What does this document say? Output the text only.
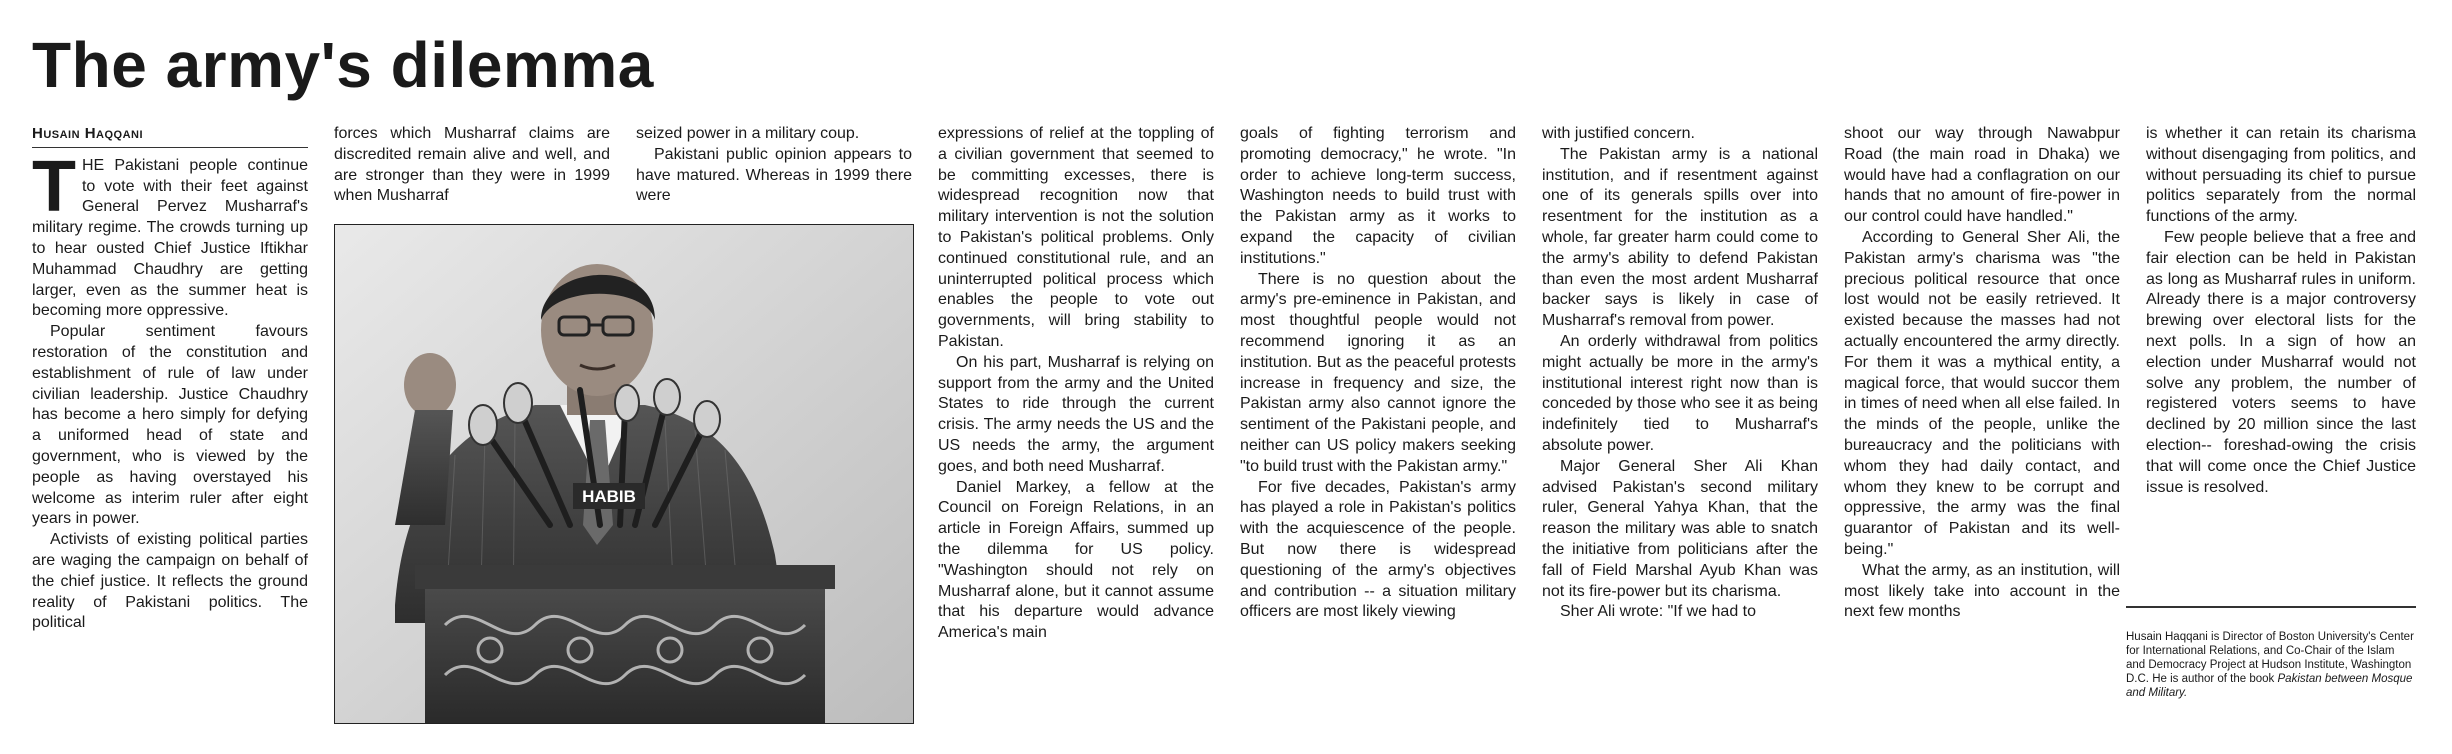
The army's dilemma
Husain Haqqani
T HE Pakistani people continue to vote with their feet against General Pervez Musharraf's military regime. The crowds turning up to hear ousted Chief Justice Iftikhar Muhammad Chaudhry are getting larger, even as the summer heat is becoming more oppressive.

Popular sentiment favours restoration of the constitution and establishment of rule of law under civilian leadership. Justice Chaudhry has become a hero simply for defying a uniformed head of state and government, who is viewed by the people as having overstayed his welcome as interim ruler after eight years in power.

Activists of existing political parties are waging the campaign on behalf of the chief justice. It reflects the ground reality of Pakistani politics. The political

forces which Musharraf claims are discredited remain alive and well, and are stronger than they were in 1999 when Musharraf

seized power in a military coup.

Pakistani public opinion appears to have matured. Whereas in 1999 there were

HABIB

expressions of relief at the toppling of a civilian government that seemed to be committing excesses, there is widespread recognition now that military intervention is not the solution to Pakistan's political problems. Only continued constitutional rule, and an uninterrupted political process which enables the people to vote out governments, will bring stability to Pakistan.

On his part, Musharraf is relying on support from the army and the United States to ride through the current crisis. The army needs the US and the US needs the army, the argument goes, and both need Musharraf.

Daniel Markey, a fellow at the Council on Foreign Relations, in an article in Foreign Affairs, summed up the dilemma for US policy. "Washington should not rely on Musharraf alone, but it cannot assume that his departure would advance America's main

goals of fighting terrorism and promoting democracy," he wrote. "In order to achieve long-term success, Washington needs to build trust with the Pakistan army as it works to expand the capacity of civilian institutions."

There is no question about the army's pre-eminence in Pakistan, and most thoughtful people would not recommend ignoring it as an institution. But as the peaceful protests increase in frequency and size, the Pakistan army also cannot ignore the sentiment of the Pakistani people, and neither can US policy makers seeking "to build trust with the Pakistan army."

For five decades, Pakistan's army has played a role in Pakistan's politics with the acquiescence of the people. But now there is widespread questioning of the army's objectives and contribution -- a situation military officers are most likely viewing

with justified concern.

The Pakistan army is a national institution, and if resentment against one of its generals spills over into resentment for the institution as a whole, far greater harm could come to the army's ability to defend Pakistan than even the most ardent Musharraf backer says is likely in case of Musharraf's removal from power.

An orderly withdrawal from politics might actually be more in the army's institutional interest right now than is conceded by those who see it as being indefinitely tied to Musharraf's absolute power.

Major General Sher Ali Khan advised Pakistan's second military ruler, General Yahya Khan, that the reason the military was able to snatch the initiative from politicians after the fall of Field Marshal Ayub Khan was not its fire-power but its charisma.

Sher Ali wrote: "If we had to

shoot our way through Nawabpur Road (the main road in Dhaka) we would have had a conflagration on our hands that no amount of fire-power in our control could have handled."

According to General Sher Ali, the Pakistan army's charisma was "the precious political resource that once lost would not be easily retrieved. It existed because the masses had not actually encountered the army directly. For them it was a mythical entity, a magical force, that would succor them in times of need when all else failed. In the minds of the people, unlike the bureaucracy and the politicians with whom they had daily contact, and whom they knew to be corrupt and oppressive, the army was the final guarantor of Pakistan and its well-being."

What the army, as an institution, will most likely take into account in the next few months

is whether it can retain its charisma without disengaging from politics, and without persuading its chief to pursue politics separately from the normal functions of the army.

Few people believe that a free and fair election can be held in Pakistan as long as Musharraf rules in uniform. Already there is a major controversy brewing over electoral lists for the next polls. In a sign of how an election under Musharraf would not solve any problem, the number of registered voters seems to have declined by 20 million since the last election-- foreshad-owing the crisis that will come once the Chief Justice issue is resolved.

Husain Haqqani is Director of Boston University's Center for International Relations, and Co-Chair of the Islam and Democracy Project at Hudson Institute, Washington D.C. He is author of the book Pakistan between Mosque and Military.
